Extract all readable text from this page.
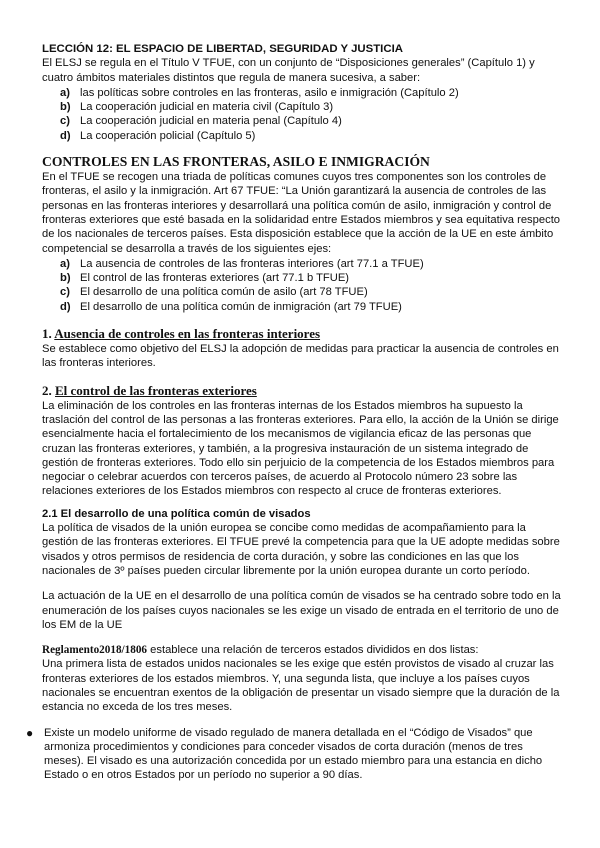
LECCIÓN 12: EL ESPACIO DE LIBERTAD, SEGURIDAD Y JUSTICIA

El ELSJ se regula en el Título V TFUE, con un conjunto de “Disposiciones generales” (Capítulo 1) y cuatro ámbitos materiales distintos que regula de manera sucesiva, a saber:

a) las políticas sobre controles en las fronteras, asilo e inmigración (Capítulo 2)
b) La cooperación judicial en materia civil (Capítulo 3)
c) La cooperación judicial en materia penal (Capítulo 4)
d) La cooperación policial (Capítulo 5)
CONTROLES EN LAS FRONTERAS, ASILO E INMIGRACIÓN

En el TFUE se recogen una triada de políticas comunes cuyos tres componentes son los controles de fronteras, el asilo y la inmigración. Art 67 TFUE: “La Unión garantizará la ausencia de controles de las personas en las fronteras interiores y desarrollará una política común de asilo, inmigración y control de fronteras exteriores que esté basada en la solidaridad entre Estados miembros y sea equitativa respecto de los nacionales de terceros países. Esta disposición establece que la acción de la UE en este ámbito competencial se desarrolla a través de los siguientes ejes:

a) La ausencia de controles de las fronteras interiores (art 77.1 a TFUE)
b) El control de las fronteras exteriores (art 77.1 b TFUE)
c) El desarrollo de una política común de asilo (art 78 TFUE)
d) El desarrollo de una política común de inmigración (art 79 TFUE)
1. Ausencia de controles en las fronteras interiores

Se establece como objetivo del ELSJ la adopción de medidas para practicar la ausencia de controles en las fronteras interiores.

2. El control de las fronteras exteriores

La eliminación de los controles en las fronteras internas de los Estados miembros ha supuesto la traslación del control de las personas a las fronteras exteriores. Para ello, la acción de la Unión se dirige esencialmente hacia el fortalecimiento de los mecanismos de vigilancia eficaz de las personas que cruzan las fronteras exteriores, y también, a la progresiva instauración de un sistema integrado de gestión de fronteras exteriores. Todo ello sin perjuicio de la competencia de los Estados miembros para negociar o celebrar acuerdos con terceros países, de acuerdo al Protocolo número 23 sobre las relaciones exteriores de los Estados miembros con respecto al cruce de fronteras exteriores.

2.1 El desarrollo de una política común de visados

La política de visados de la unión europea se concibe como medidas de acompañamiento para la gestión de las fronteras exteriores. El TFUE prevé la competencia para que la UE adopte medidas sobre visados y otros permisos de residencia de corta duración, y sobre las condiciones en las que los nacionales de 3º países pueden circular libremente por la unión europea durante un corto período.

La actuación de la UE en el desarrollo de una política común de visados se ha centrado sobre todo en la enumeración de los países cuyos nacionales se les exige un visado de entrada en el territorio de uno de los EM de la UE

Reglamento2018/1806 establece una relación de terceros estados divididos en dos listas:

Una primera lista de estados unidos nacionales se les exige que estén provistos de visado al cruzar las fronteras exteriores de los estados miembros. Y, una segunda lista, que incluye a los países cuyos nacionales se encuentran exentos de la obligación de presentar un visado siempre que la duración de la estancia no exceda de los tres meses.

● Existe un modelo uniforme de visado regulado de manera detallada en el “Código de Visados” que armoniza procedimientos y condiciones para conceder visados de corta duración (menos de tres meses). El visado es una autorización concedida por un estado miembro para una estancia en dicho Estado o en otros Estados por un período no superior a 90 días.
